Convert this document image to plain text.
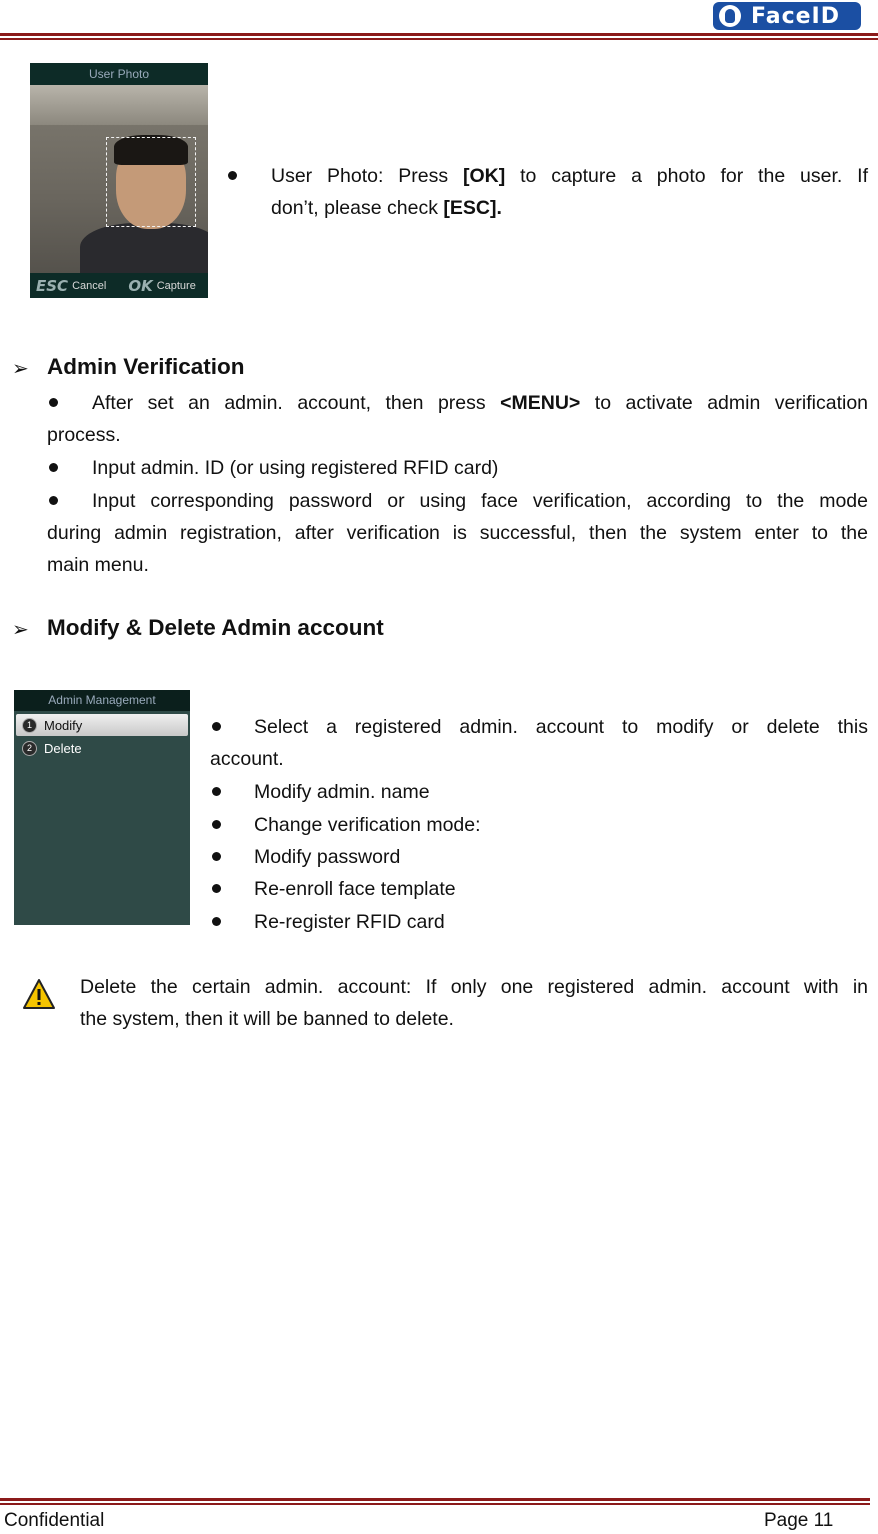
FaceID
User Photo
ESC Cancel OK Capture
User Photo: Press [OK] to capture a photo for the user. If
don’t, please check [ESC].
➢ Admin Verification
After set an admin. account, then press <MENU> to activate admin verification
process.
Input admin. ID (or using registered RFID card)
Input corresponding password or using face verification, according to the mode
during admin registration, after verification is successful, then the system enter to the
main menu.
➢ Modify & Delete Admin account
Admin Management
1 Modify
2 Delete
Select a registered admin. account to modify or delete this
account.
Modify admin. name
Change verification mode:
Modify password
Re-enroll face template
Re-register RFID card
Delete the certain admin. account: If only one registered admin. account with in
the system, then it will be banned to delete.
Confidential	Page 11
